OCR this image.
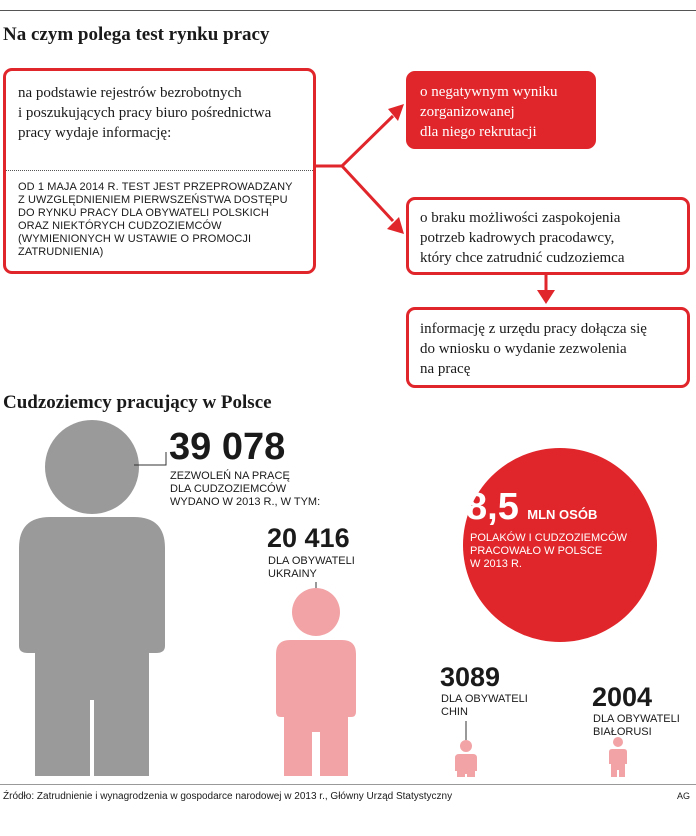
Na czym polega test rynku pracy
na podstawie rejestrów bezrobotnych
i poszukujących pracy biuro pośrednictwa
pracy wydaje informację:
OD 1 MAJA 2014 R. TEST JEST PRZEPROWADZANY
Z UWZGLĘDNIENIEM PIERWSZEŃSTWA DOSTĘPU
DO RYNKU PRACY DLA OBYWATELI POLSKICH
ORAZ NIEKTÓRYCH CUDZOZIEMCÓW
(WYMIENIONYCH W USTAWIE O PROMOCJI
ZATRUDNIENIA)
o negatywnym wyniku
zorganizowanej
dla niego rekrutacji
o braku możliwości zaspokojenia
potrzeb kadrowych pracodawcy,
który chce zatrudnić cudzoziemca
informację z urzędu pracy dołącza się
do wniosku o wydanie zezwolenia
na pracę
Cudzoziemcy pracujący w Polsce
39 078
ZEZWOLEŃ NA PRACĘ
DLA CUDZOZIEMCÓW
WYDANO W 2013 R., W TYM:
20 416
DLA OBYWATELI
UKRAINY
3089
DLA OBYWATELI
CHIN	2004
DLA OBYWATELI
BIAŁORUSI
8,5 MLN OSÓB
POLAKÓW I CUDZOZIEMCÓW
PRACOWAŁO W POLSCE
W 2013 R.
Źródło: Zatrudnienie i wynagrodzenia w gospodarce narodowej w 2013 r., Główny Urząd Statystyczny	AG
